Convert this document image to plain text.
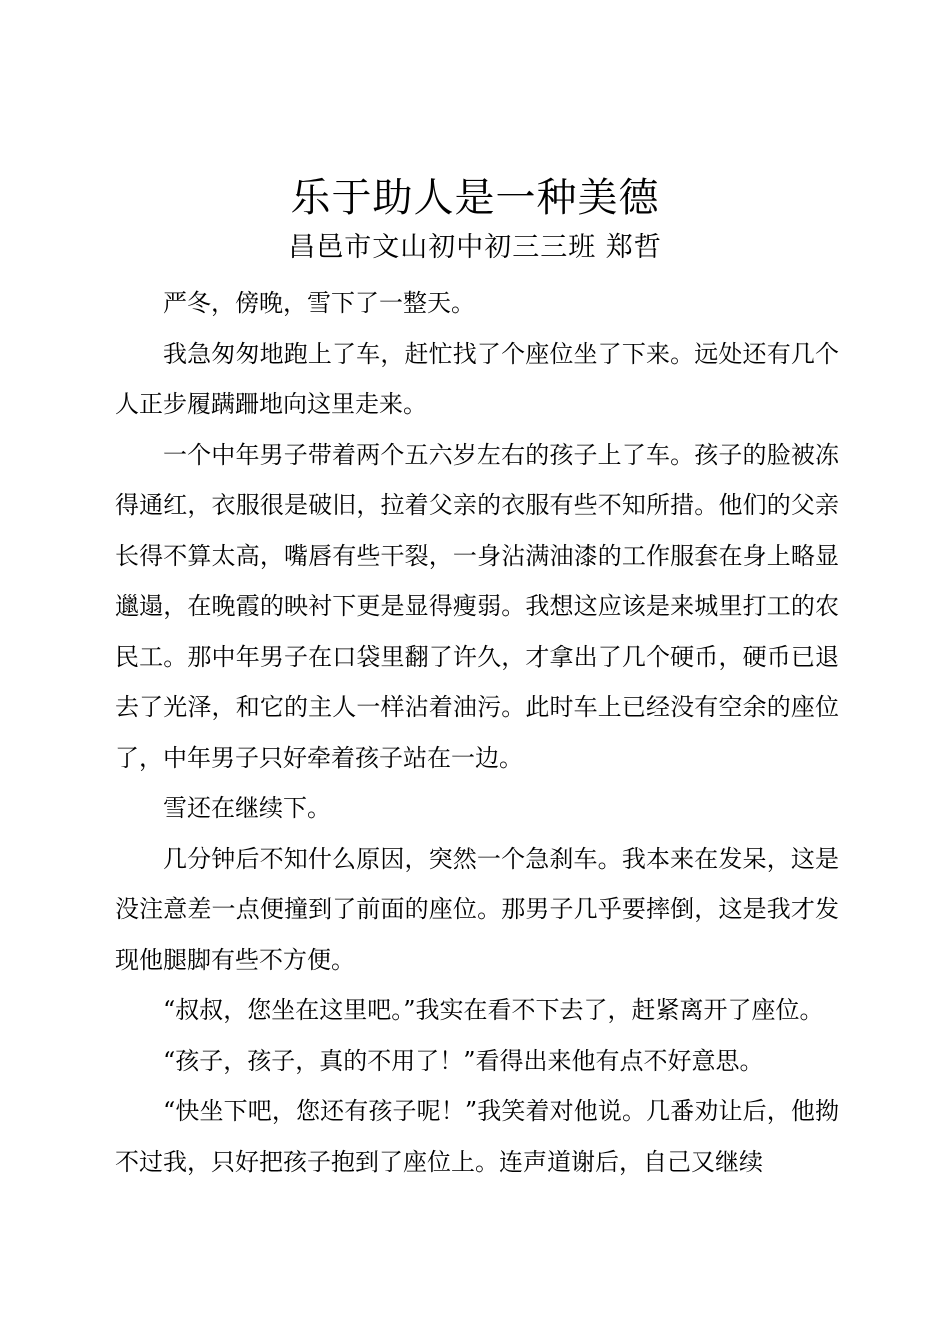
乐于助人是一种美德
昌邑市文山初中初三三班 郑哲

严冬，傍晚，雪下了一整天。

我急匆匆地跑上了车，赶忙找了个座位坐了下来。远处还有几个人正步履蹒跚地向这里走来。

一个中年男子带着两个五六岁左右的孩子上了车。孩子的脸被冻得通红，衣服很是破旧，拉着父亲的衣服有些不知所措。他们的父亲长得不算太高，嘴唇有些干裂，一身沾满油漆的工作服套在身上略显邋遢，在晚霞的映衬下更是显得瘦弱。我想这应该是来城里打工的农民工。那中年男子在口袋里翻了许久，才拿出了几个硬币，硬币已退去了光泽，和它的主人一样沾着油污。此时车上已经没有空余的座位了，中年男子只好牵着孩子站在一边。

雪还在继续下。

几分钟后不知什么原因，突然一个急刹车。我本来在发呆，这是没注意差一点便撞到了前面的座位。那男子几乎要摔倒，这是我才发现他腿脚有些不方便。

“叔叔，您坐在这里吧。”我实在看不下去了，赶紧离开了座位。

“孩子，孩子，真的不用了！”看得出来他有点不好意思。

“快坐下吧，您还有孩子呢！”我笑着对他说。几番劝让后，他拗不过我，只好把孩子抱到了座位上。连声道谢后，自己又继续
